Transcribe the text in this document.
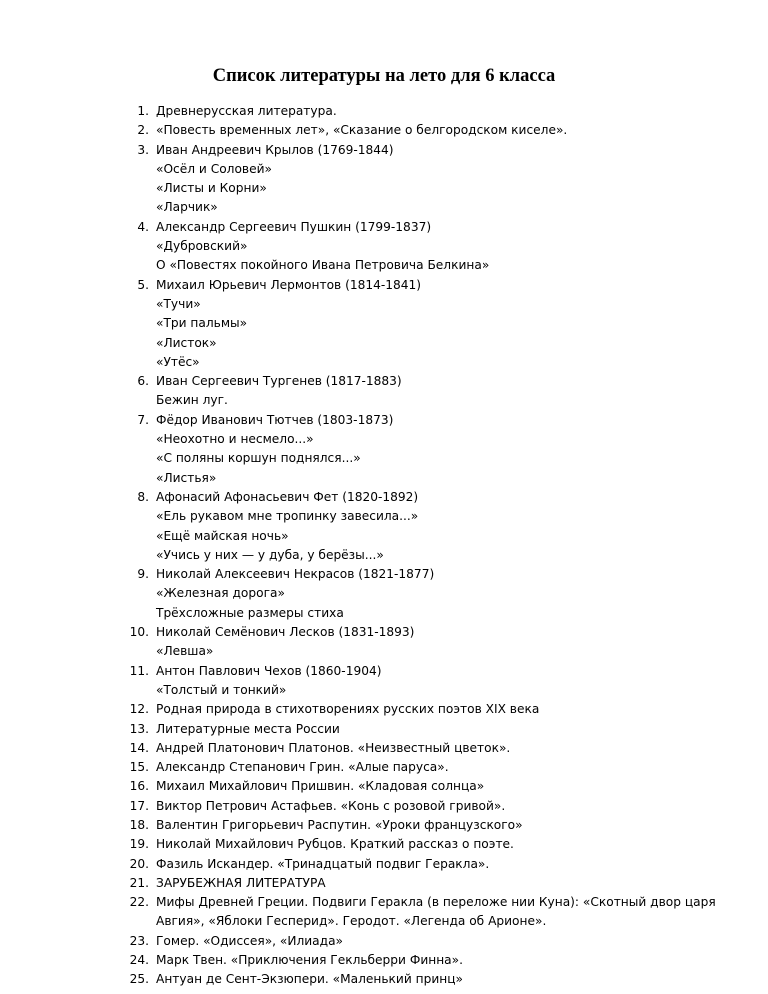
Список литературы на лето для 6 класса
1. Древнерусская литература.
2. «Повесть временных лет», «Сказание о белгородском киселе».
3. Иван Андреевич Крылов (1769-1844)
«Осёл и Соловей»
«Листы и Корни»
«Ларчик»
4. Александр Сергеевич Пушкин (1799-1837)
«Дубровский»
О «Повестях покойного Ивана Петровича Белкина»
5. Михаил Юрьевич Лермонтов (1814-1841)
«Тучи»
«Три пальмы»
«Листок»
«Утёс»
6. Иван Сергеевич Тургенев (1817-1883)
Бежин луг.
7. Фёдор Иванович Тютчев (1803-1873)
«Неохотно и несмело...»
«С поляны коршун поднялся...»
«Листья»
8. Афонасий Афонасьевич Фет (1820-1892)
«Ель рукавом мне тропинку завесила...»
«Ещё майская ночь»
«Учись у них — у дуба, у берёзы...»
9. Николай Алексеевич Некрасов (1821-1877)
«Железная дорога»
Трёхсложные размеры стиха
10. Николай Семёнович Лесков (1831-1893)
«Левша»
11. Антон Павлович Чехов (1860-1904)
«Толстый и тонкий»
12. Родная природа в стихотворениях русских поэтов XIX века
13. Литературные места России
14. Андрей Платонович Платонов. «Неизвестный цветок».
15. Александр Степанович Грин. «Алые паруса».
16. Михаил Михайлович Пришвин. «Кладовая солнца»
17. Виктор Петрович Астафьев. «Конь с розовой гривой».
18. Валентин Григорьевич Распутин. «Уроки французского»
19. Николай Михайлович Рубцов. Краткий рассказ о поэте.
20. Фазиль Искандер. «Тринадцатый подвиг Геракла».
21. ЗАРУБЕЖНАЯ ЛИТЕРАТУРА
22. Мифы Древней Греции. Подвиги Геракла (в переложе нии Куна): «Скотный двор царя
Авгия», «Яблоки Гесперид». Геродот. «Легенда об Арионе».
23. Гомер. «Одиссея», «Илиада»
24. Марк Твен. «Приключения Гекльберри Финна».
25. Антуан де Сент-Экзюпери. «Маленький принц»
